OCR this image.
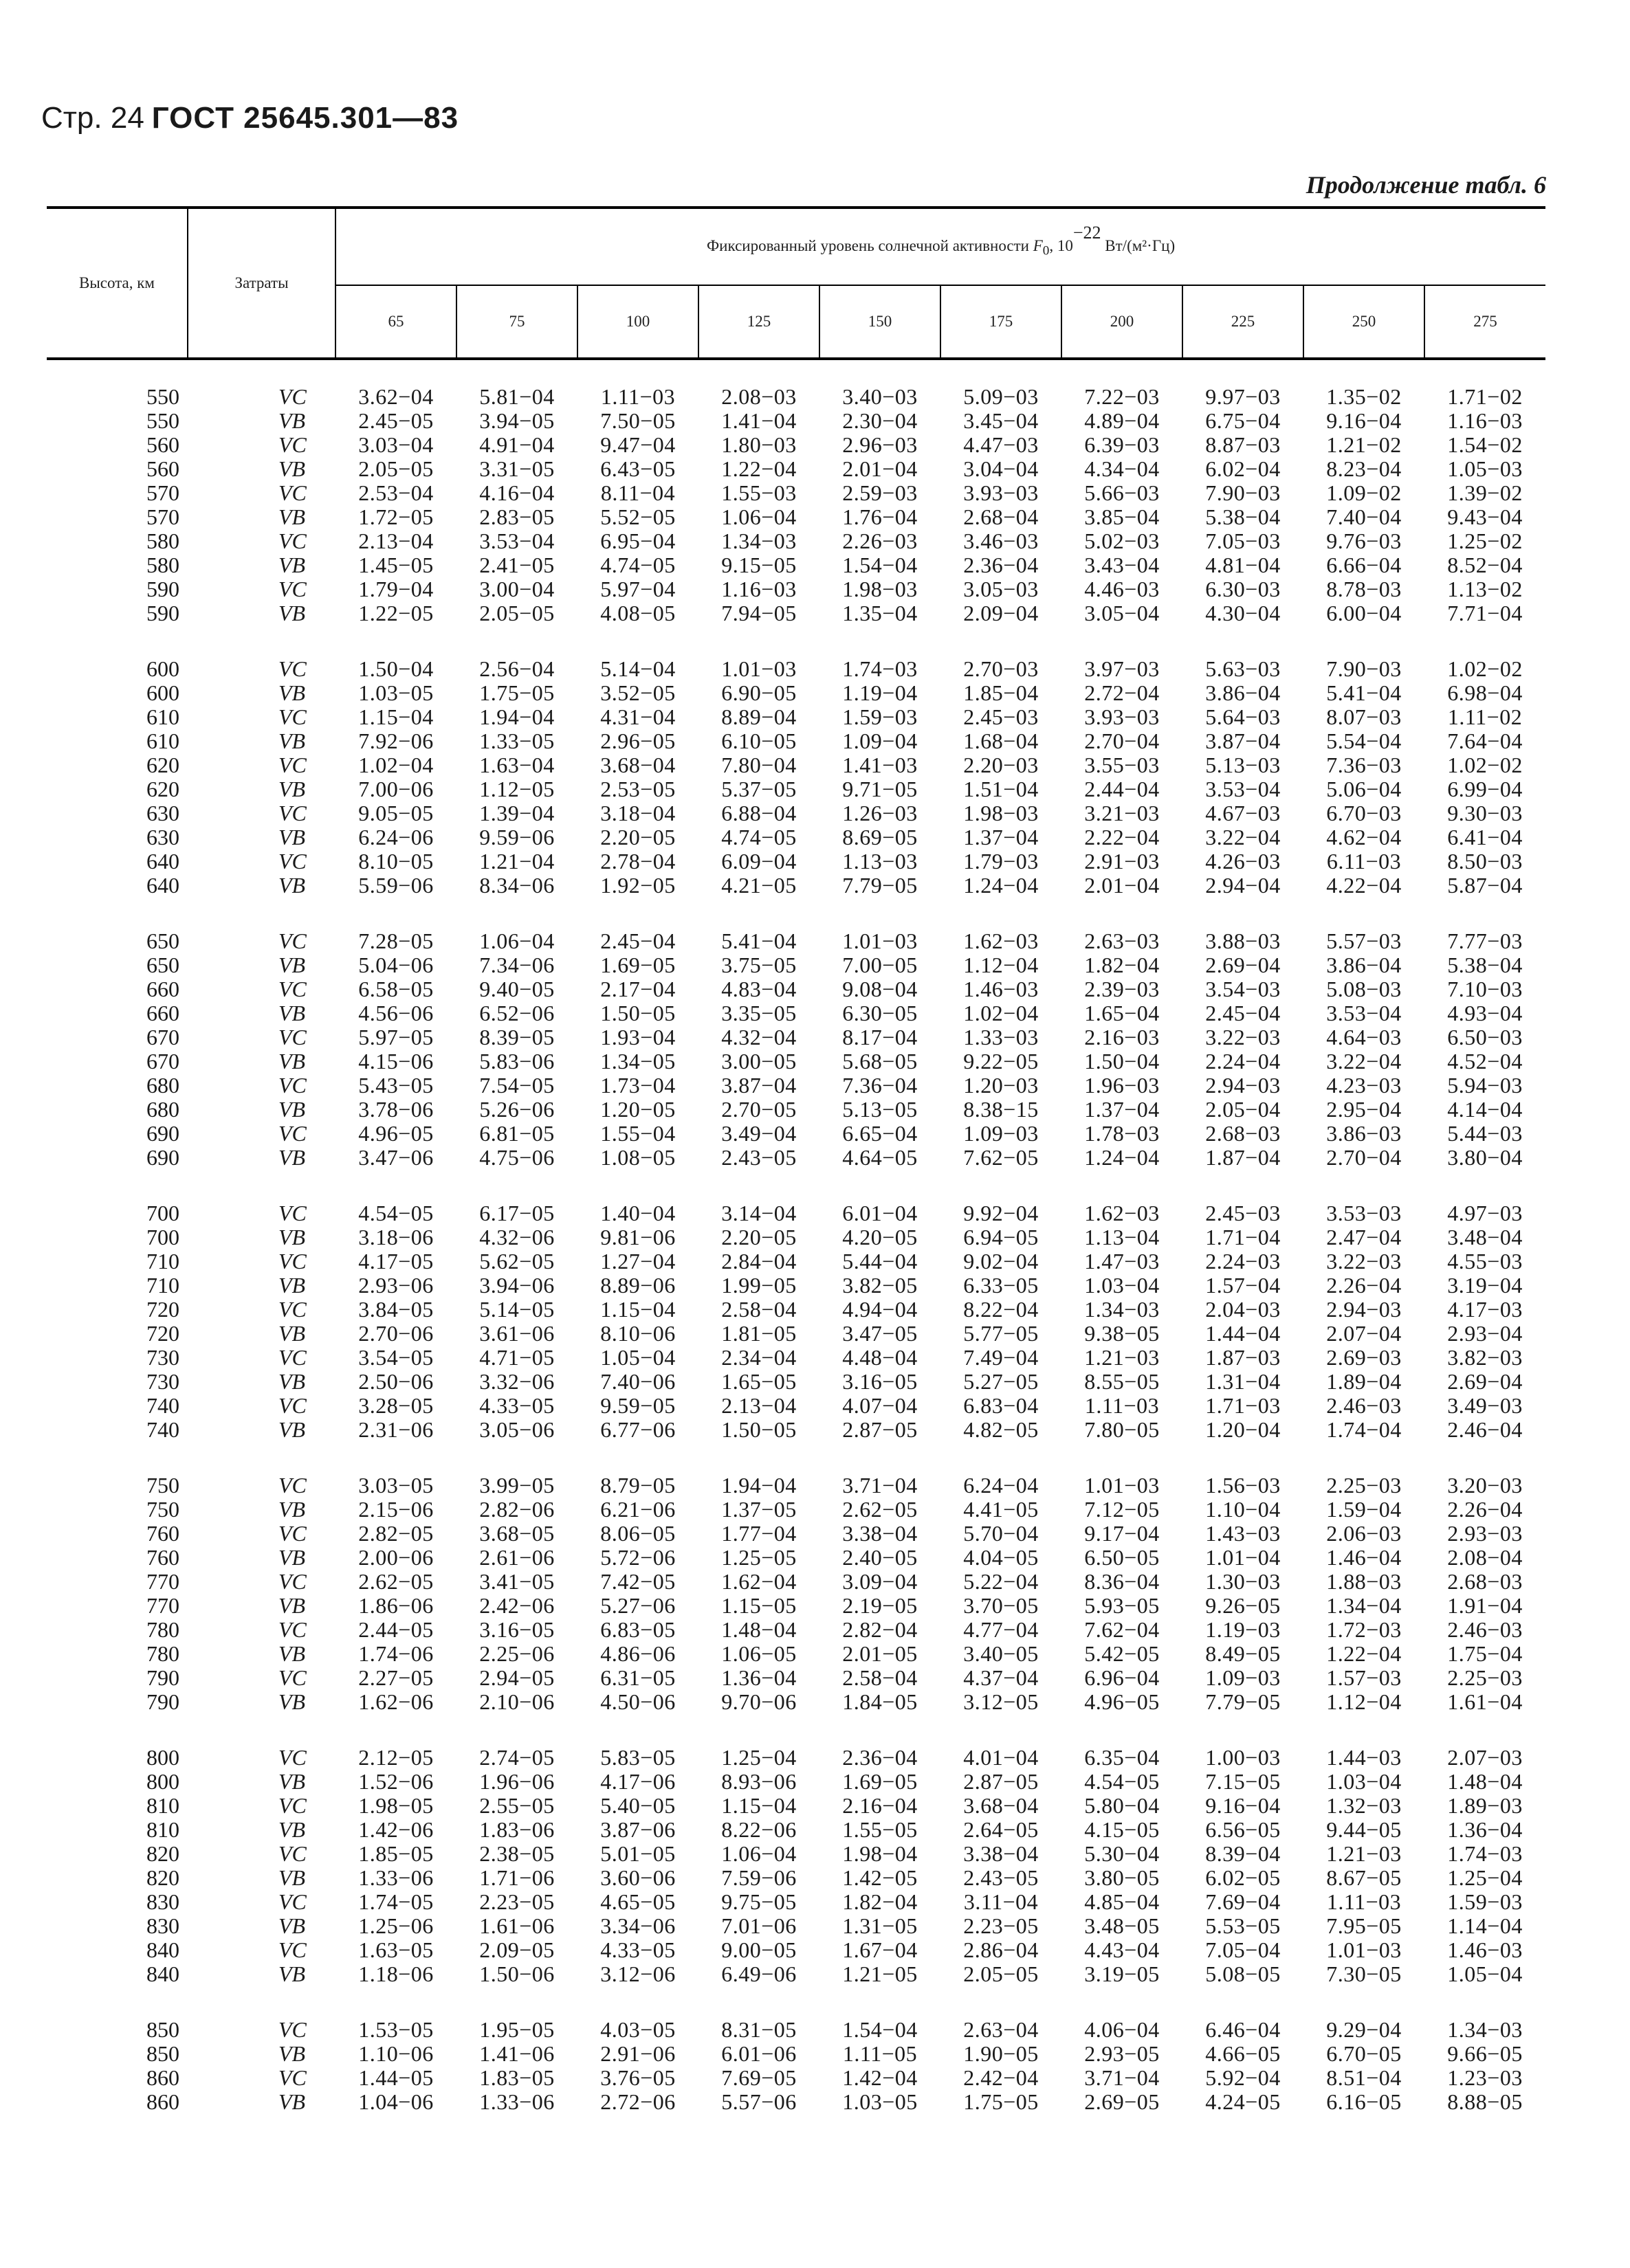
Стр. 24 ГОСТ 25645.301—83
Продолжение табл. 6
Высота, км	Затраты	Фиксированный уровень солнечной активности $F_0$, 10−22 Вт/(м²·Гц)									
		65	75	100	125	150	175	200	225	250	275
550	VC	3.62−04	5.81−04	1.11−03	2.08−03	3.40−03	5.09−03	7.22−03	9.97−03	1.35−02	1.71−02
550	VB	2.45−05	3.94−05	7.50−05	1.41−04	2.30−04	3.45−04	4.89−04	6.75−04	9.16−04	1.16−03
560	VC	3.03−04	4.91−04	9.47−04	1.80−03	2.96−03	4.47−03	6.39−03	8.87−03	1.21−02	1.54−02
560	VB	2.05−05	3.31−05	6.43−05	1.22−04	2.01−04	3.04−04	4.34−04	6.02−04	8.23−04	1.05−03
570	VC	2.53−04	4.16−04	8.11−04	1.55−03	2.59−03	3.93−03	5.66−03	7.90−03	1.09−02	1.39−02
570	VB	1.72−05	2.83−05	5.52−05	1.06−04	1.76−04	2.68−04	3.85−04	5.38−04	7.40−04	9.43−04
580	VC	2.13−04	3.53−04	6.95−04	1.34−03	2.26−03	3.46−03	5.02−03	7.05−03	9.76−03	1.25−02
580	VB	1.45−05	2.41−05	4.74−05	9.15−05	1.54−04	2.36−04	3.43−04	4.81−04	6.66−04	8.52−04
590	VC	1.79−04	3.00−04	5.97−04	1.16−03	1.98−03	3.05−03	4.46−03	6.30−03	8.78−03	1.13−02
590	VB	1.22−05	2.05−05	4.08−05	7.94−05	1.35−04	2.09−04	3.05−04	4.30−04	6.00−04	7.71−04
600	VC	1.50−04	2.56−04	5.14−04	1.01−03	1.74−03	2.70−03	3.97−03	5.63−03	7.90−03	1.02−02
600	VB	1.03−05	1.75−05	3.52−05	6.90−05	1.19−04	1.85−04	2.72−04	3.86−04	5.41−04	6.98−04
610	VC	1.15−04	1.94−04	4.31−04	8.89−04	1.59−03	2.45−03	3.93−03	5.64−03	8.07−03	1.11−02
610	VB	7.92−06	1.33−05	2.96−05	6.10−05	1.09−04	1.68−04	2.70−04	3.87−04	5.54−04	7.64−04
620	VC	1.02−04	1.63−04	3.68−04	7.80−04	1.41−03	2.20−03	3.55−03	5.13−03	7.36−03	1.02−02
620	VB	7.00−06	1.12−05	2.53−05	5.37−05	9.71−05	1.51−04	2.44−04	3.53−04	5.06−04	6.99−04
630	VC	9.05−05	1.39−04	3.18−04	6.88−04	1.26−03	1.98−03	3.21−03	4.67−03	6.70−03	9.30−03
630	VB	6.24−06	9.59−06	2.20−05	4.74−05	8.69−05	1.37−04	2.22−04	3.22−04	4.62−04	6.41−04
640	VC	8.10−05	1.21−04	2.78−04	6.09−04	1.13−03	1.79−03	2.91−03	4.26−03	6.11−03	8.50−03
640	VB	5.59−06	8.34−06	1.92−05	4.21−05	7.79−05	1.24−04	2.01−04	2.94−04	4.22−04	5.87−04
650	VC	7.28−05	1.06−04	2.45−04	5.41−04	1.01−03	1.62−03	2.63−03	3.88−03	5.57−03	7.77−03
650	VB	5.04−06	7.34−06	1.69−05	3.75−05	7.00−05	1.12−04	1.82−04	2.69−04	3.86−04	5.38−04
660	VC	6.58−05	9.40−05	2.17−04	4.83−04	9.08−04	1.46−03	2.39−03	3.54−03	5.08−03	7.10−03
660	VB	4.56−06	6.52−06	1.50−05	3.35−05	6.30−05	1.02−04	1.65−04	2.45−04	3.53−04	4.93−04
670	VC	5.97−05	8.39−05	1.93−04	4.32−04	8.17−04	1.33−03	2.16−03	3.22−03	4.64−03	6.50−03
670	VB	4.15−06	5.83−06	1.34−05	3.00−05	5.68−05	9.22−05	1.50−04	2.24−04	3.22−04	4.52−04
680	VC	5.43−05	7.54−05	1.73−04	3.87−04	7.36−04	1.20−03	1.96−03	2.94−03	4.23−03	5.94−03
680	VB	3.78−06	5.26−06	1.20−05	2.70−05	5.13−05	8.38−15	1.37−04	2.05−04	2.95−04	4.14−04
690	VC	4.96−05	6.81−05	1.55−04	3.49−04	6.65−04	1.09−03	1.78−03	2.68−03	3.86−03	5.44−03
690	VB	3.47−06	4.75−06	1.08−05	2.43−05	4.64−05	7.62−05	1.24−04	1.87−04	2.70−04	3.80−04
700	VC	4.54−05	6.17−05	1.40−04	3.14−04	6.01−04	9.92−04	1.62−03	2.45−03	3.53−03	4.97−03
700	VB	3.18−06	4.32−06	9.81−06	2.20−05	4.20−05	6.94−05	1.13−04	1.71−04	2.47−04	3.48−04
710	VC	4.17−05	5.62−05	1.27−04	2.84−04	5.44−04	9.02−04	1.47−03	2.24−03	3.22−03	4.55−03
710	VB	2.93−06	3.94−06	8.89−06	1.99−05	3.82−05	6.33−05	1.03−04	1.57−04	2.26−04	3.19−04
720	VC	3.84−05	5.14−05	1.15−04	2.58−04	4.94−04	8.22−04	1.34−03	2.04−03	2.94−03	4.17−03
720	VB	2.70−06	3.61−06	8.10−06	1.81−05	3.47−05	5.77−05	9.38−05	1.44−04	2.07−04	2.93−04
730	VC	3.54−05	4.71−05	1.05−04	2.34−04	4.48−04	7.49−04	1.21−03	1.87−03	2.69−03	3.82−03
730	VB	2.50−06	3.32−06	7.40−06	1.65−05	3.16−05	5.27−05	8.55−05	1.31−04	1.89−04	2.69−04
740	VC	3.28−05	4.33−05	9.59−05	2.13−04	4.07−04	6.83−04	1.11−03	1.71−03	2.46−03	3.49−03
740	VB	2.31−06	3.05−06	6.77−06	1.50−05	2.87−05	4.82−05	7.80−05	1.20−04	1.74−04	2.46−04
750	VC	3.03−05	3.99−05	8.79−05	1.94−04	3.71−04	6.24−04	1.01−03	1.56−03	2.25−03	3.20−03
750	VB	2.15−06	2.82−06	6.21−06	1.37−05	2.62−05	4.41−05	7.12−05	1.10−04	1.59−04	2.26−04
760	VC	2.82−05	3.68−05	8.06−05	1.77−04	3.38−04	5.70−04	9.17−04	1.43−03	2.06−03	2.93−03
760	VB	2.00−06	2.61−06	5.72−06	1.25−05	2.40−05	4.04−05	6.50−05	1.01−04	1.46−04	2.08−04
770	VC	2.62−05	3.41−05	7.42−05	1.62−04	3.09−04	5.22−04	8.36−04	1.30−03	1.88−03	2.68−03
770	VB	1.86−06	2.42−06	5.27−06	1.15−05	2.19−05	3.70−05	5.93−05	9.26−05	1.34−04	1.91−04
780	VC	2.44−05	3.16−05	6.83−05	1.48−04	2.82−04	4.77−04	7.62−04	1.19−03	1.72−03	2.46−03
780	VB	1.74−06	2.25−06	4.86−06	1.06−05	2.01−05	3.40−05	5.42−05	8.49−05	1.22−04	1.75−04
790	VC	2.27−05	2.94−05	6.31−05	1.36−04	2.58−04	4.37−04	6.96−04	1.09−03	1.57−03	2.25−03
790	VB	1.62−06	2.10−06	4.50−06	9.70−06	1.84−05	3.12−05	4.96−05	7.79−05	1.12−04	1.61−04
800	VC	2.12−05	2.74−05	5.83−05	1.25−04	2.36−04	4.01−04	6.35−04	1.00−03	1.44−03	2.07−03
800	VB	1.52−06	1.96−06	4.17−06	8.93−06	1.69−05	2.87−05	4.54−05	7.15−05	1.03−04	1.48−04
810	VC	1.98−05	2.55−05	5.40−05	1.15−04	2.16−04	3.68−04	5.80−04	9.16−04	1.32−03	1.89−03
810	VB	1.42−06	1.83−06	3.87−06	8.22−06	1.55−05	2.64−05	4.15−05	6.56−05	9.44−05	1.36−04
820	VC	1.85−05	2.38−05	5.01−05	1.06−04	1.98−04	3.38−04	5.30−04	8.39−04	1.21−03	1.74−03
820	VB	1.33−06	1.71−06	3.60−06	7.59−06	1.42−05	2.43−05	3.80−05	6.02−05	8.67−05	1.25−04
830	VC	1.74−05	2.23−05	4.65−05	9.75−05	1.82−04	3.11−04	4.85−04	7.69−04	1.11−03	1.59−03
830	VB	1.25−06	1.61−06	3.34−06	7.01−06	1.31−05	2.23−05	3.48−05	5.53−05	7.95−05	1.14−04
840	VC	1.63−05	2.09−05	4.33−05	9.00−05	1.67−04	2.86−04	4.43−04	7.05−04	1.01−03	1.46−03
840	VB	1.18−06	1.50−06	3.12−06	6.49−06	1.21−05	2.05−05	3.19−05	5.08−05	7.30−05	1.05−04
850	VC	1.53−05	1.95−05	4.03−05	8.31−05	1.54−04	2.63−04	4.06−04	6.46−04	9.29−04	1.34−03
850	VB	1.10−06	1.41−06	2.91−06	6.01−06	1.11−05	1.90−05	2.93−05	4.66−05	6.70−05	9.66−05
860	VC	1.44−05	1.83−05	3.76−05	7.69−05	1.42−04	2.42−04	3.71−04	5.92−04	8.51−04	1.23−03
860	VB	1.04−06	1.33−06	2.72−06	5.57−06	1.03−05	1.75−05	2.69−05	4.24−05	6.16−05	8.88−05
